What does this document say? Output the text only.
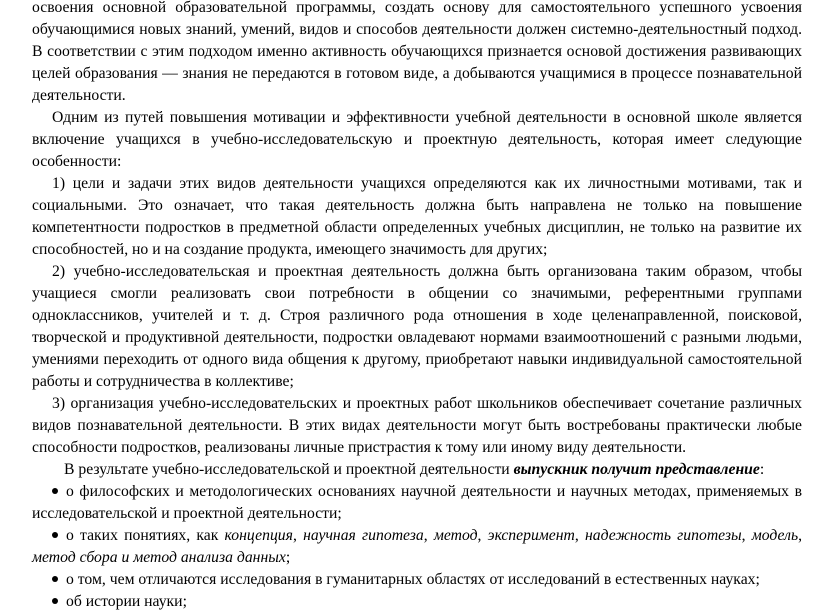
освоения основной образовательной программы, создать основу для самостоятельного успешного усвоения обучающимися новых знаний, умений, видов и способов деятельности должен системно-деятельностный подход. В соответствии с этим подходом именно активность обучающихся признается основой достижения развивающих целей образования — знания не передаются в готовом виде, а добываются учащимися в процессе познавательной деятельности.

Одним из путей повышения мотивации и эффективности учебной деятельности в основной школе является включение учащихся в учебно-исследовательскую и проектную деятельность, которая имеет следующие особенности:

1) цели и задачи этих видов деятельности учащихся определяются как их личностными мотивами, так и социальными. Это означает, что такая деятельность должна быть направлена не только на повышение компетентности подростков в предметной области определенных учебных дисциплин, не только на развитие их способностей, но и на создание продукта, имеющего значимость для других;

2) учебно-исследовательская и проектная деятельность должна быть организована таким образом, чтобы учащиеся смогли реализовать свои потребности в общении со значимыми, референтными группами одноклассников, учителей и т. д. Строя различного рода отношения в ходе целенаправленной, поисковой, творческой и продуктивной деятельности, подростки овладевают нормами взаимоотношений с разными людьми, умениями переходить от одного вида общения к другому, приобретают навыки индивидуальной самостоятельной работы и сотрудничества в коллективе;

3) организация учебно-исследовательских и проектных работ школьников обеспечивает сочетание различных видов познавательной деятельности. В этих видах деятельности могут быть востребованы практически любые способности подростков, реализованы личные пристрастия к тому или иному виду деятельности.

В результате учебно-исследовательской и проектной деятельности выпускник получит представление:

о философских и методологических основаниях научной деятельности и научных методах, применяемых в исследовательской и проектной деятельности;
о таких понятиях, как концепция, научная гипотеза, метод, эксперимент, надежность гипотезы, модель, метод сбора и метод анализа данных;
о том, чем отличаются исследования в гуманитарных областях от исследований в естественных науках;
об истории науки;
